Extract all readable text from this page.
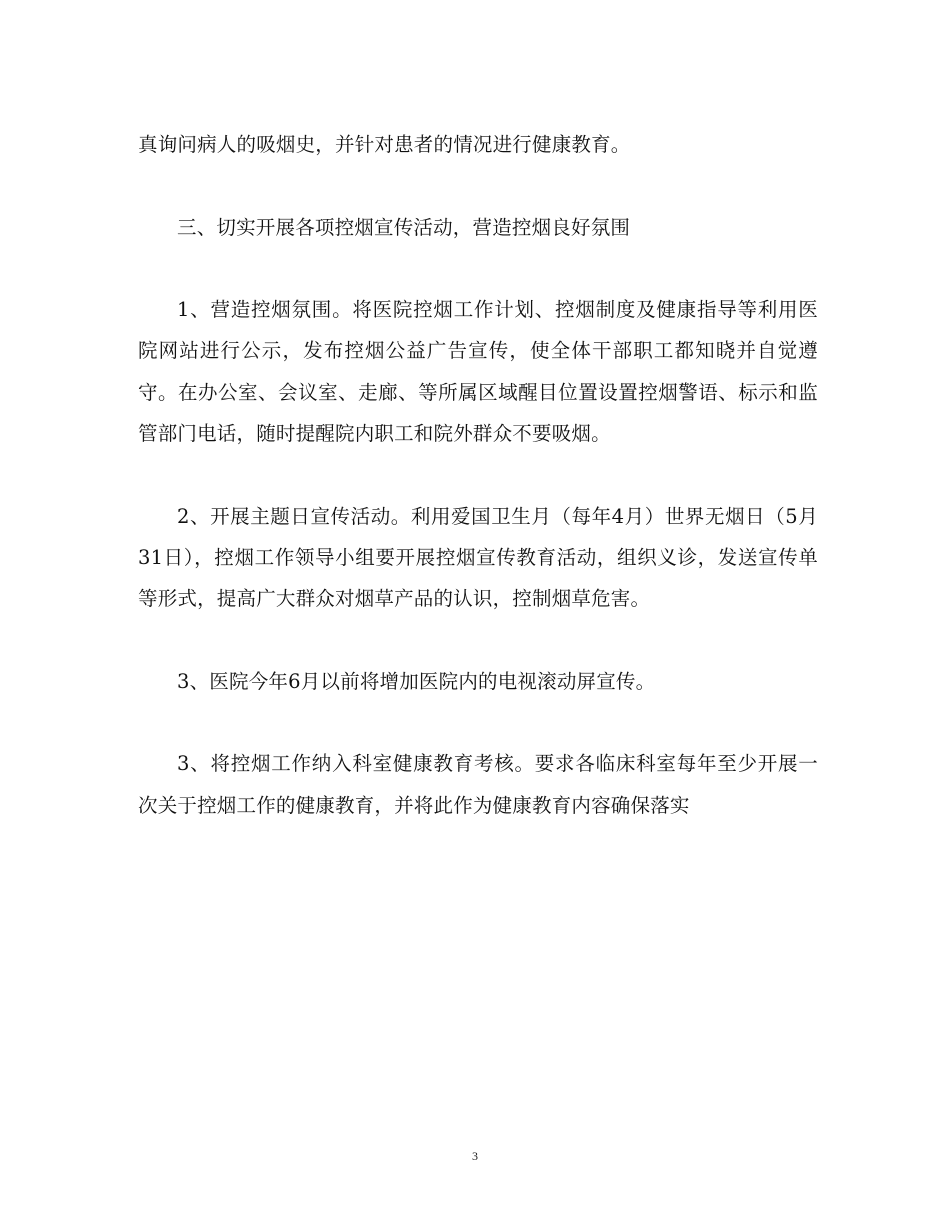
真询问病人的吸烟史，并针对患者的情况进行健康教育。

三、切实开展各项控烟宣传活动，营造控烟良好氛围

1、营造控烟氛围。将医院控烟工作计划、控烟制度及健康指导等利用医院网站进行公示，发布控烟公益广告宣传，使全体干部职工都知晓并自觉遵守。在办公室、会议室、走廊、等所属区域醒目位置设置控烟警语、标示和监管部门电话，随时提醒院内职工和院外群众不要吸烟。

2、开展主题日宣传活动。利用爱国卫生月（每年4月）世界无烟日（5月31日），控烟工作领导小组要开展控烟宣传教育活动，组织义诊，发送宣传单等形式，提高广大群众对烟草产品的认识，控制烟草危害。

3、医院今年6月以前将增加医院内的电视滚动屏宣传。

3、将控烟工作纳入科室健康教育考核。要求各临床科室每年至少开展一次关于控烟工作的健康教育，并将此作为健康教育内容确保落实

3
